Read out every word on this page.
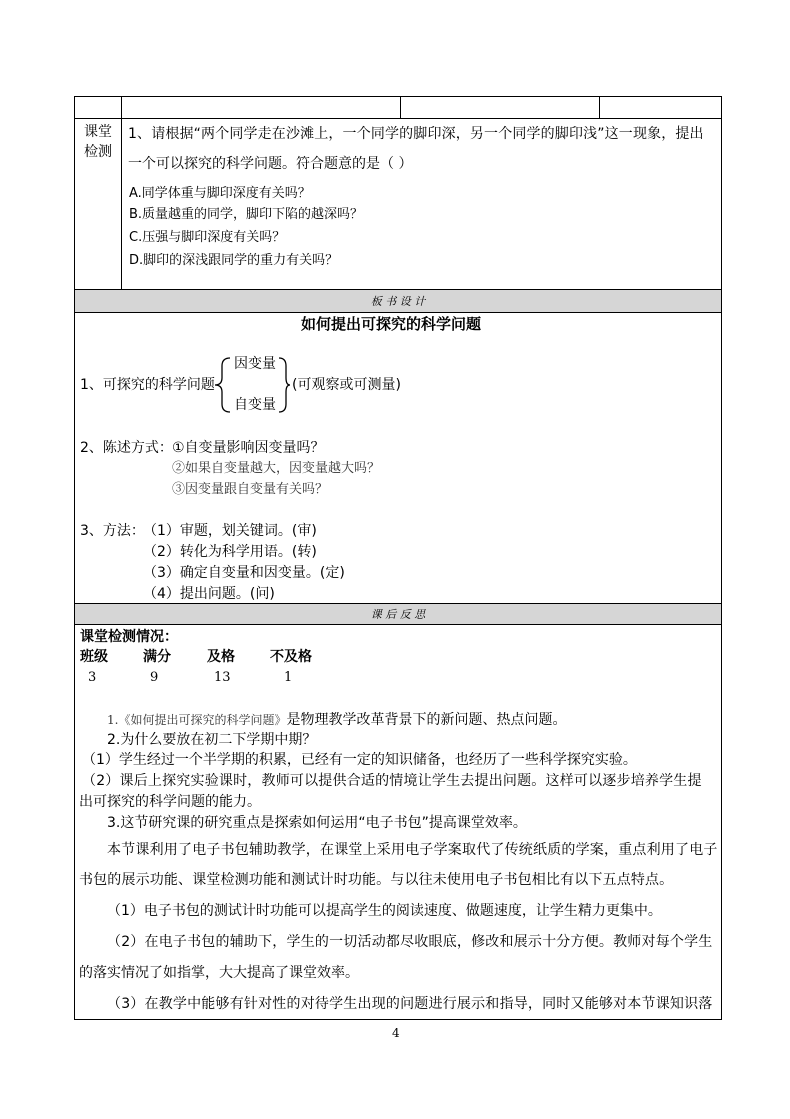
课堂
检测
1、请根据“两个同学走在沙滩上，一个同学的脚印深，另一个同学的脚印浅”这一现象，提出
一个可以探究的科学问题。符合题意的是（ ）
A.同学体重与脚印深度有关吗？
B.质量越重的同学，脚印下陷的越深吗？
C.压强与脚印深度有关吗？
D.脚印的深浅跟同学的重力有关吗？
板 书 设 计
如何提出可探究的科学问题
1、可探究的科学问题
因变量
自变量
(可观察或可测量)
2、陈述方式： ①自变量影响因变量吗？
②如果自变量越大，因变量越大吗？
③因变量跟自变量有关吗？
3、方法：
（1）审题，划关键词。(审)
（2）转化为科学用语。(转)
（3）确定自变量和因变量。(定)
（4）提出问题。(问)
课 后 反 思
课堂检测情况：
班级	满分	及格	不及格
3	9	13	1
1.《如何提出可探究的科学问题》是物理教学改革背景下的新问题、热点问题。
2.为什么要放在初二下学期中期？
（1）学生经过一个半学期的积累，已经有一定的知识储备，也经历了一些科学探究实验。
（2）课后上探究实验课时，教师可以提供合适的情境让学生去提出问题。这样可以逐步培养学生提
出可探究的科学问题的能力。
3.这节研究课的研究重点是探索如何运用“电子书包”提高课堂效率。
本节课利用了电子书包辅助教学，在课堂上采用电子学案取代了传统纸质的学案，重点利用了电子
书包的展示功能、课堂检测功能和测试计时功能。与以往未使用电子书包相比有以下五点特点。
（1）电子书包的测试计时功能可以提高学生的阅读速度、做题速度，让学生精力更集中。
（2）在电子书包的辅助下，学生的一切活动都尽收眼底，修改和展示十分方便。教师对每个学生
的落实情况了如指掌，大大提高了课堂效率。
（3）在教学中能够有针对性的对待学生出现的问题进行展示和指导，同时又能够对本节课知识落
4
